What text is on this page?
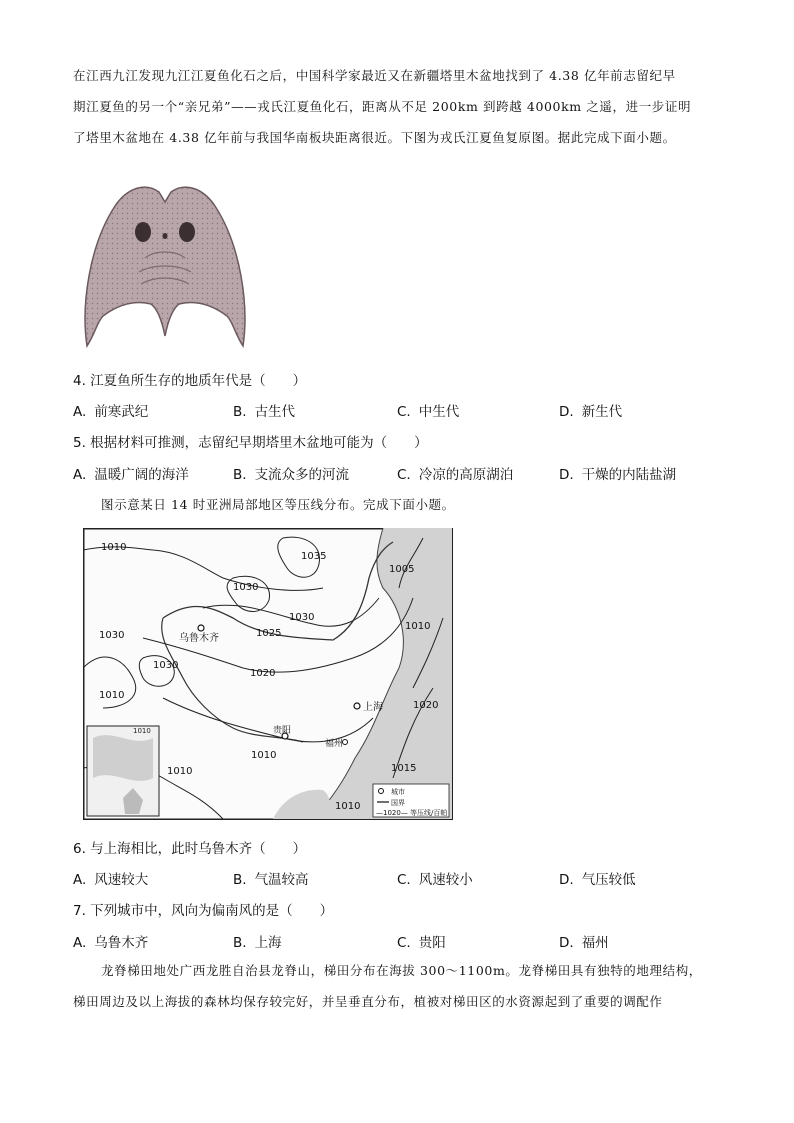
在江西九江发现九江江夏鱼化石之后，中国科学家最近又在新疆塔里木盆地找到了 4.38 亿年前志留纪早
期江夏鱼的另一个“亲兄弟”——戎氏江夏鱼化石，距离从不足 200km 到跨越 4000km 之遥，进一步证明
了塔里木盆地在 4.38 亿年前与我国华南板块距离很近。下图为戎氏江夏鱼复原图。据此完成下面小题。
4. 江夏鱼所生存的地质年代是（　　）
A. 前寒武纪	B. 古生代	C. 中生代	D. 新生代
5. 根据材料可推测，志留纪早期塔里木盆地可能为（　　）
A. 温暖广阔的海洋	B. 支流众多的河流	C. 冷凉的高原湖泊	D. 干燥的内陆盐湖
图示意某日 14 时亚洲局部地区等压线分布。完成下面小题。
1010
1010
1035
1030
1025
1030
1005
1010
1030
1020
1010
1020
1010
1015
1010
1010
1030
乌鲁木齐
上海
贵阳
福州
城市
国界
—1020— 等压线/百帕
6. 与上海相比，此时乌鲁木齐（　　）
A. 风速较大	B. 气温较高	C. 风速较小	D. 气压较低
7. 下列城市中，风向为偏南风的是（　　）
A. 乌鲁木齐	B. 上海	C. 贵阳	D. 福州
龙脊梯田地处广西龙胜自治县龙脊山，梯田分布在海拔 300～1100m。龙脊梯田具有独特的地理结构，
梯田周边及以上海拔的森林均保存较完好，并呈垂直分布，植被对梯田区的水资源起到了重要的调配作
